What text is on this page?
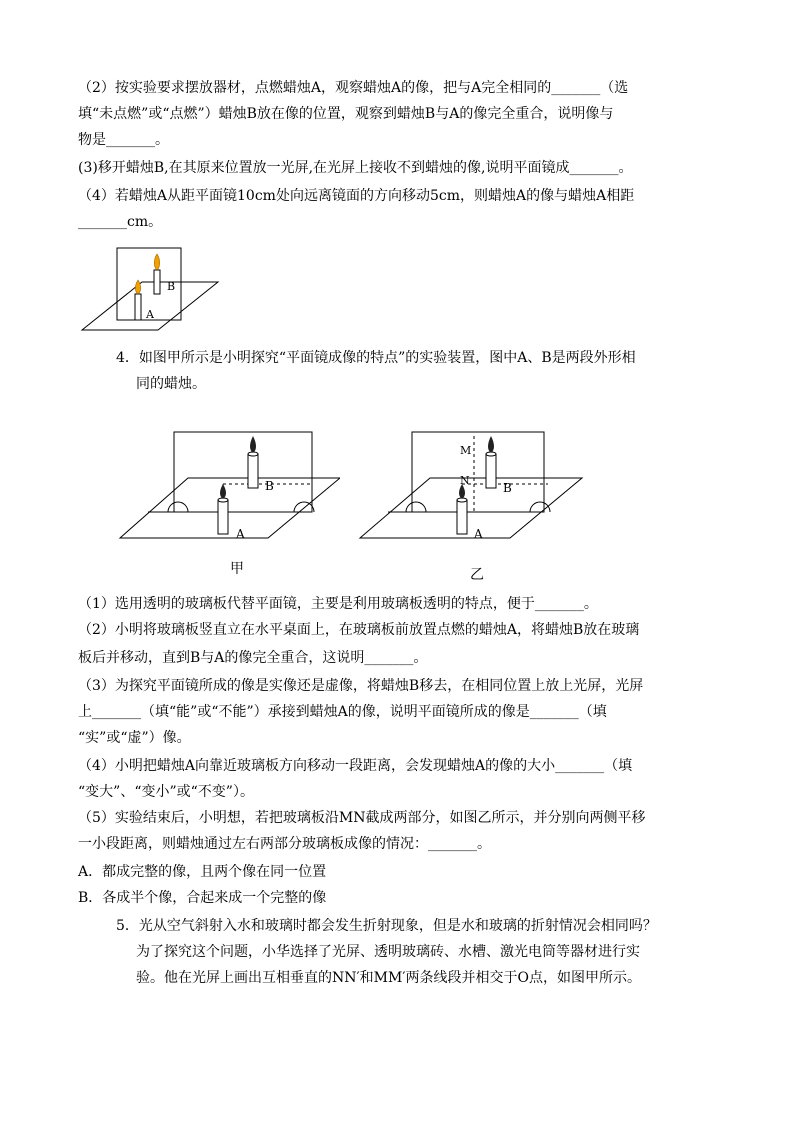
（2）按实验要求摆放器材，点燃蜡烛A，观察蜡烛A的像，把与A完全相同的_______（选
填“未点燃”或“点燃”）蜡烛B放在像的位置，观察到蜡烛B与A的像完全重合，说明像与
物是_______。
(3)移开蜡烛B,在其原来位置放一光屏,在光屏上接收不到蜡烛的像,说明平面镜成_______。
（4）若蜡烛A从距平面镜10cm处向远离镜面的方向移动5cm，则蜡烛A的像与蜡烛A相距
_______cm。
B
A
4．如图甲所示是小明探究“平面镜成像的特点”的实验装置，图中A、B是两段外形相
同的蜡烛。
B
A
甲
M
N
B
A
乙
（1）选用透明的玻璃板代替平面镜，主要是利用玻璃板透明的特点，便于_______。
（2）小明将玻璃板竖直立在水平桌面上，在玻璃板前放置点燃的蜡烛A，将蜡烛B放在玻璃
板后并移动，直到B与A的像完全重合，这说明_______。
（3）为探究平面镜所成的像是实像还是虚像，将蜡烛B移去，在相同位置上放上光屏，光屏
上_______（填“能”或“不能”）承接到蜡烛A的像，说明平面镜所成的像是_______（填
“实”或“虚”）像。
（4）小明把蜡烛A向靠近玻璃板方向移动一段距离，会发现蜡烛A的像的大小_______（填
“变大”、“变小”或“不变”）。
（5）实验结束后，小明想，若把玻璃板沿MN截成两部分，如图乙所示，并分别向两侧平移
一小段距离，则蜡烛通过左右两部分玻璃板成像的情况：_______。
A．都成完整的像，且两个像在同一位置
B．各成半个像，合起来成一个完整的像
5．光从空气斜射入水和玻璃时都会发生折射现象，但是水和玻璃的折射情况会相同吗？
为了探究这个问题，小华选择了光屏、透明玻璃砖、水槽、激光电筒等器材进行实
验。他在光屏上画出互相垂直的NN′和MM′两条线段并相交于O点，如图甲所示。
